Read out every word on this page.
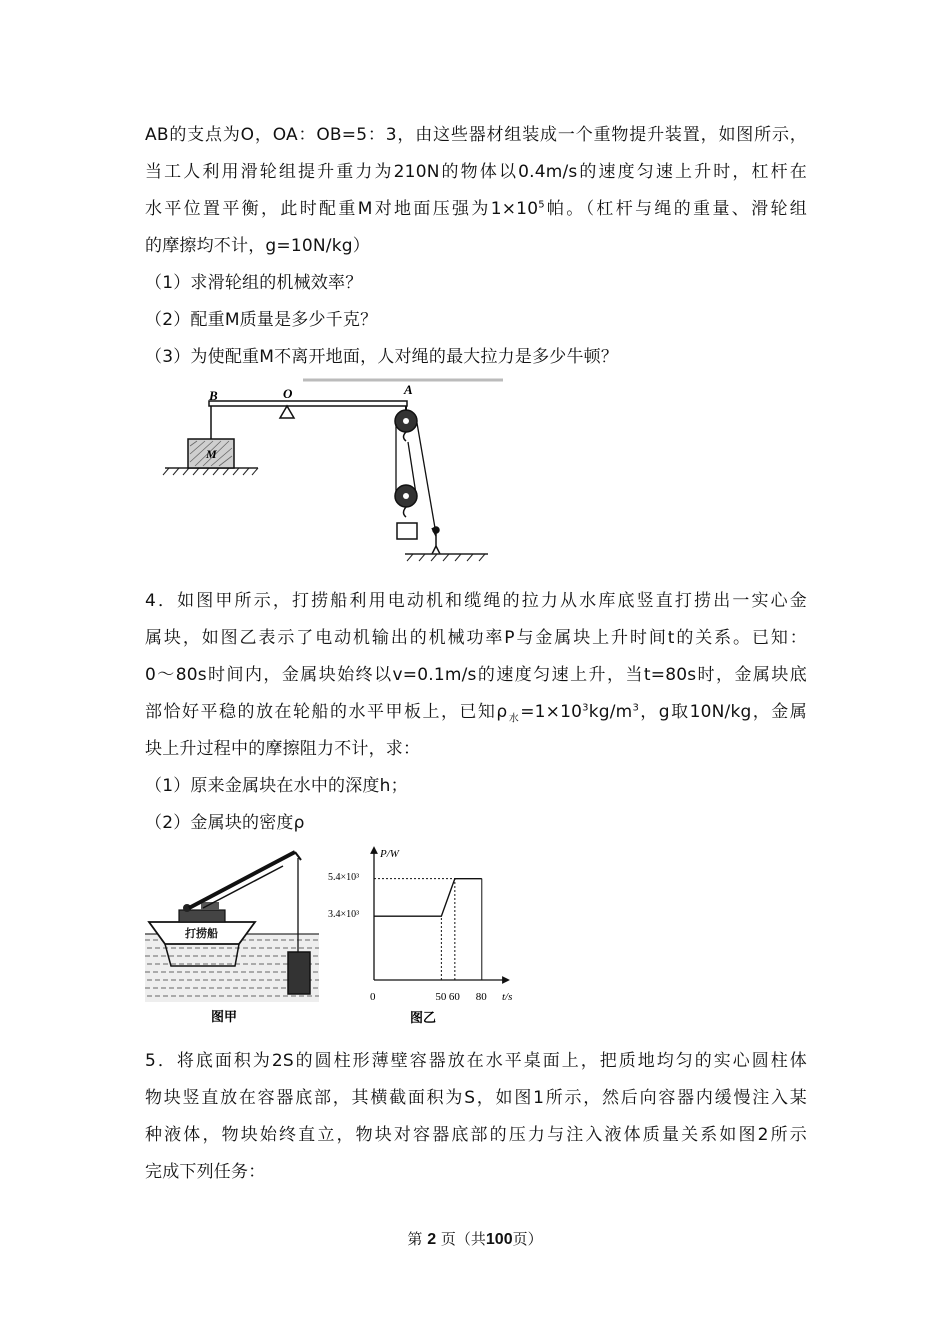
AB的支点为O，OA：OB=5：3，由这些器材组装成一个重物提升装置，如图所示，
当工人利用滑轮组提升重力为210N的物体以0.4m/s的速度匀速上升时，杠杆在
水平位置平衡，此时配重M对地面压强为$1\times 10^5$帕。（杠杆与绳的重量、滑轮组
的摩擦均不计，g=10N/kg）
（1）求滑轮组的机械效率？
（2）配重M质量是多少千克？
（3）为使配重M不离开地面，人对绳的最大拉力是多少牛顿？
M
B	O	A
4．如图甲所示，打捞船利用电动机和缆绳的拉力从水库底竖直打捞出一实心金
属块，如图乙表示了电动机输出的机械功率P与金属块上升时间t的关系。已知：
0～80s时间内，金属块始终以v=0.1m/s的速度匀速上升，当t=80s时，金属块底
部恰好平稳的放在轮船的水平甲板上，已知$\rho_水=1\times 10^3kg/m^3$，g取10N/kg，金属
块上升过程中的摩擦阻力不计，求：
（1）原来金属块在水中的深度h；
（2）金属块的密度ρ
打捞船
图甲
P/W
t/s
0
5.4×10³
3.4×10³
50 60 80
图乙
5．将底面积为2S的圆柱形薄壁容器放在水平桌面上，把质地均匀的实心圆柱体
物块竖直放在容器底部，其横截面积为S，如图1所示，然后向容器内缓慢注入某
种液体，物块始终直立，物块对容器底部的压力与注入液体质量关系如图2所示
完成下列任务：
第 2 页（共100页）
